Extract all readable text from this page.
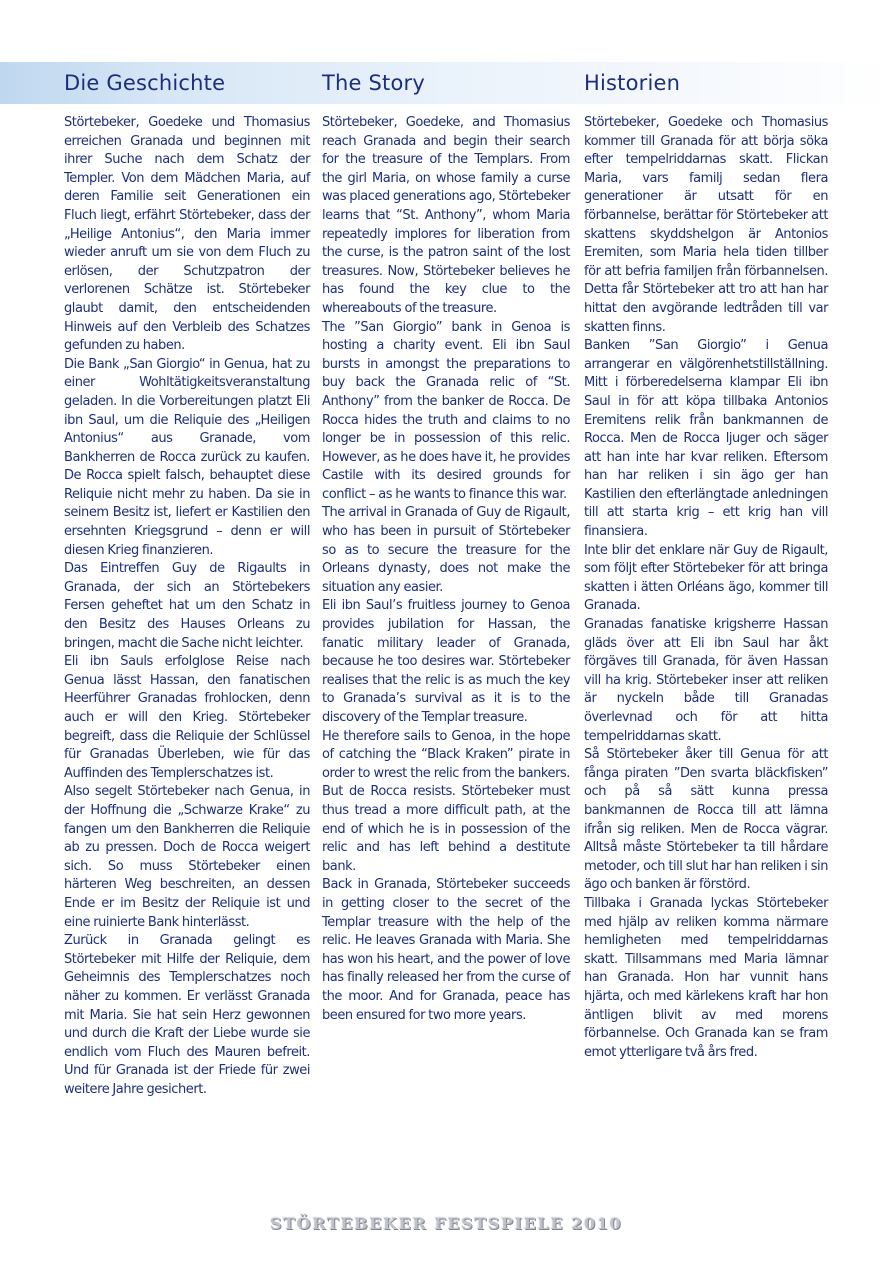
Die Geschichte	The Story	Historien

Störtebeker, Goedeke und Thomasius erreichen Granada und beginnen mit ihrer Suche nach dem Schatz der Templer. Von dem Mädchen Maria, auf deren Familie seit Generationen ein Fluch liegt, erfährt Störtebeker, dass der „Heilige Antonius“, den Maria immer wieder anruft um sie von dem Fluch zu erlösen, der Schutzpatron der verlorenen Schätze ist. Störtebeker glaubt damit, den entscheidenden Hinweis auf den Verbleib des Schatzes gefunden zu haben.

Die Bank „San Giorgio“ in Genua, hat zu einer Wohltätigkeitsveranstaltung geladen. In die Vorbereitungen platzt Eli ibn Saul, um die Reliquie des „Heiligen Antonius“ aus Granade, vom Bankherren de Rocca zurück zu kaufen. De Rocca spielt falsch, behauptet diese Reliquie nicht mehr zu haben. Da sie in seinem Besitz ist, liefert er Kastilien den ersehnten Kriegsgrund – denn er will diesen Krieg finanzieren.

Das Eintreffen Guy de Rigaults in Granada, der sich an Störtebekers Fersen geheftet hat um den Schatz in den Besitz des Hauses Orleans zu bringen, macht die Sache nicht leichter.

Eli ibn Sauls erfolglose Reise nach Genua lässt Hassan, den fanatischen Heerführer Granadas frohlocken, denn auch er will den Krieg. Störtebeker begreift, dass die Reliquie der Schlüssel für Granadas Überleben, wie für das Auffinden des Templerschatzes ist.

Also segelt Störtebeker nach Genua, in der Hoffnung die „Schwarze Krake“ zu fangen um den Bankherren die Reliquie ab zu pressen. Doch de Rocca weigert sich. So muss Störtebeker einen härteren Weg beschreiten, an dessen Ende er im Besitz der Reliquie ist und eine ruinierte Bank hinterlässt.

Zurück in Granada gelingt es Störtebeker mit Hilfe der Reliquie, dem Geheimnis des Templerschatzes noch näher zu kommen. Er verlässt Granada mit Maria. Sie hat sein Herz gewonnen und durch die Kraft der Liebe wurde sie endlich vom Fluch des Mauren befreit. Und für Granada ist der Friede für zwei weitere Jahre gesichert.

Störtebeker, Goedeke, and Thomasius reach Granada and begin their search for the treasure of the Templars. From the girl Maria, on whose family a curse was placed generations ago, Störtebeker learns that “St. Anthony”, whom Maria repeatedly implores for liberation from the curse, is the patron saint of the lost treasures. Now, Störtebeker believes he has found the key clue to the whereabouts of the treasure.

The ”San Giorgio” bank in Genoa is hosting a charity event. Eli ibn Saul bursts in amongst the preparations to buy back the Granada relic of “St. Anthony” from the banker de Rocca. De Rocca hides the truth and claims to no longer be in possession of this relic. However, as he does have it, he provides Castile with its desired grounds for conflict – as he wants to finance this war.

The arrival in Granada of Guy de Rigault, who has been in pursuit of Störtebeker so as to secure the treasure for the Orleans dynasty, does not make the situation any easier.

Eli ibn Saul’s fruitless journey to Genoa provides jubilation for Hassan, the fanatic military leader of Granada, because he too desires war. Störtebeker realises that the relic is as much the key to Granada’s survival as it is to the discovery of the Templar treasure.

He therefore sails to Genoa, in the hope of catching the “Black Kraken” pirate in order to wrest the relic from the bankers. But de Rocca resists. Störtebeker must thus tread a more difficult path, at the end of which he is in possession of the relic and has left behind a destitute bank.

Back in Granada, Störtebeker succeeds in getting closer to the secret of the Templar treasure with the help of the relic. He leaves Granada with Maria. She has won his heart, and the power of love has finally released her from the curse of the moor. And for Granada, peace has been ensured for two more years.

Störtebeker, Goedeke och Thomasius kommer till Granada för att börja söka efter tempelriddarnas skatt. Flickan Maria, vars familj sedan flera generationer är utsatt för en förbannelse, berättar för Störtebeker att skattens skyddshelgon är Antonios Eremiten, som Maria hela tiden tillber för att befria familjen från förbannelsen. Detta får Störtebeker att tro att han har hittat den avgörande ledtråden till var skatten finns.

Banken ”San Giorgio” i Genua arrangerar en välgörenhetstillställning. Mitt i förberedelserna klampar Eli ibn Saul in för att köpa tillbaka Antonios Eremitens relik från bankmannen de Rocca. Men de Rocca ljuger och säger att han inte har kvar reliken. Eftersom han har reliken i sin ägo ger han Kastilien den efterlängtade anledningen till att starta krig – ett krig han vill finansiera.

Inte blir det enklare när Guy de Rigault, som följt efter Störtebeker för att bringa skatten i ätten Orléans ägo, kommer till Granada.

Granadas fanatiske krigsherre Hassan gläds över att Eli ibn Saul har åkt förgäves till Granada, för även Hassan vill ha krig. Störtebeker inser att reliken är nyckeln både till Granadas överlevnad och för att hitta tempelriddarnas skatt.

Så Störtebeker åker till Genua för att fånga piraten ”Den svarta bläckfisken” och på så sätt kunna pressa bankmannen de Rocca till att lämna ifrån sig reliken. Men de Rocca vägrar. Alltså måste Störtebeker ta till hårdare metoder, och till slut har han reliken i sin ägo och banken är förstörd.

Tillbaka i Granada lyckas Störtebeker med hjälp av reliken komma närmare hemligheten med tempelriddarnas skatt. Tillsammans med Maria lämnar han Granada. Hon har vunnit hans hjärta, och med kärlekens kraft har hon äntligen blivit av med morens förbannelse. Och Granada kan se fram emot ytterligare två års fred.

STÖRTEBEKER FESTSPIELE 2010
